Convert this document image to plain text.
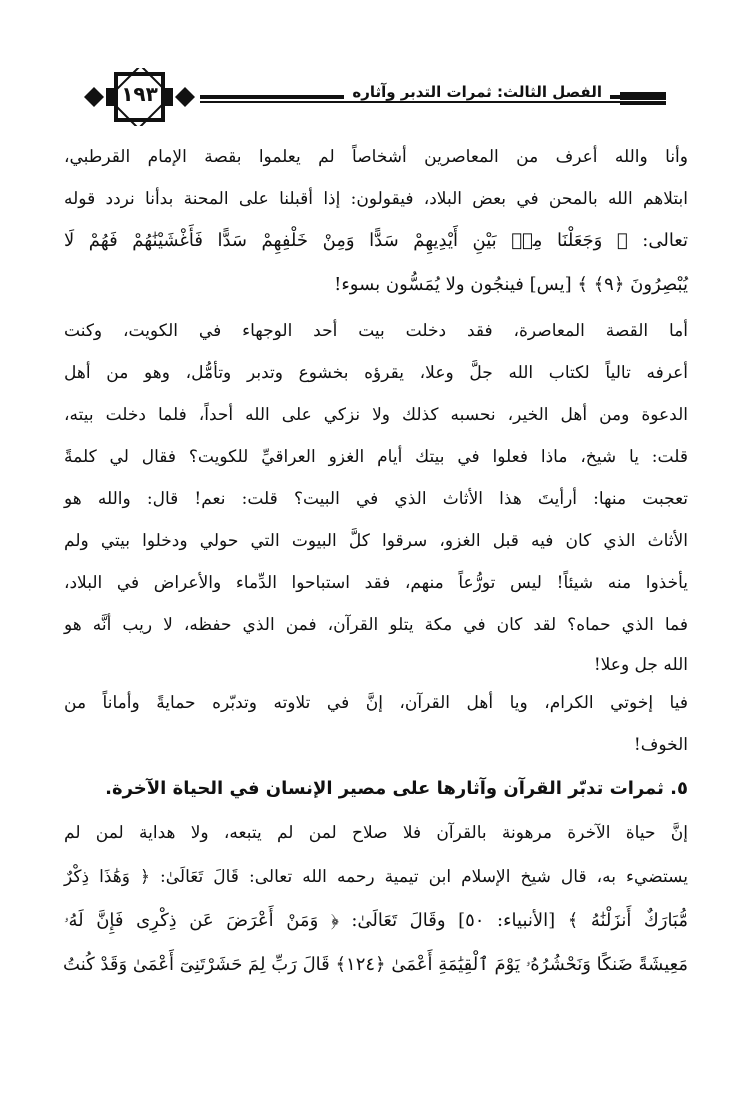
١٩٣	الفصل الثالث: ثمرات التدبر وآثاره
وأنا والله أعرف من المعاصرين أشخاصاً لم يعلموا بقصة الإمام القرطبي،
ابتلاهم الله بالمحن في بعض البلاد، فيقولون: إذا أقبلنا على المحنة بدأنا نردد قوله
تعالى: ﴿ وَجَعَلْنَا مِنۢ بَيْنِ أَيْدِيهِمْ سَدًّا وَمِنْ خَلْفِهِمْ سَدًّا فَأَغْشَيْنَٰهُمْ فَهُمْ لَا
يُبْصِرُونَ ﴿٩﴾ ﴾ [يس] فينجُون ولا يُمَسُّون بسوء!
أما القصة المعاصرة، فقد دخلت بيت أحد الوجهاء في الكويت، وكنت
أعرفه تالياً لكتاب الله جلَّ وعلا، يقرؤه بخشوع وتدبر وتأمُّل، وهو من أهل
الدعوة ومن أهل الخير، نحسبه كذلك ولا نزكي على الله أحداً، فلما دخلت بيته،
قلت: يا شيخ، ماذا فعلوا في بيتك أيام الغزو العراقيِّ للكويت؟ فقال لي كلمةً
تعجبت منها: أرأيتَ هذا الأثاث الذي في البيت؟ قلت: نعم! قال: والله هو
الأثاث الذي كان فيه قبل الغزو، سرقوا كلَّ البيوت التي حولي ودخلوا بيتي ولم
يأخذوا منه شيئاً! ليس تورُّعاً منهم، فقد استباحوا الدِّماء والأعراض في البلاد،
فما الذي حماه؟ لقد كان في مكة يتلو القرآن، فمن الذي حفظه، لا ريب أنَّه هو
الله جل وعلا!
فيا إخوتي الكرام، ويا أهل القرآن، إنَّ في تلاوته وتدبّره حمايةً وأماناً من
الخوف!
٥. ثمرات تدبّر القرآن وآثارها على مصير الإنسان في الحياة الآخرة.
إنَّ حياة الآخرة مرهونة بالقرآن فلا صلاح لمن لم يتبعه، ولا هداية لمن لم
يستضيء به، قال شيخ الإسلام ابن تيمية رحمه الله تعالى: قَالَ تَعَالَىٰ: ﴿ وَهَٰذَا ذِكْرٌ
مُّبَارَكٌ أَنزَلْنَٰهُ ﴾ [الأنبياء: ٥٠] وقَالَ تَعَالَىٰ: ﴿ وَمَنْ أَعْرَضَ عَن ذِكْرِى فَإِنَّ لَهُۥ
مَعِيشَةً ضَنكًا وَنَحْشُرُهُۥ يَوْمَ ٱلْقِيَٰمَةِ أَعْمَىٰ ﴿١٢٤﴾ قَالَ رَبِّ لِمَ حَشَرْتَنِىٓ أَعْمَىٰ وَقَدْ كُنتُ
